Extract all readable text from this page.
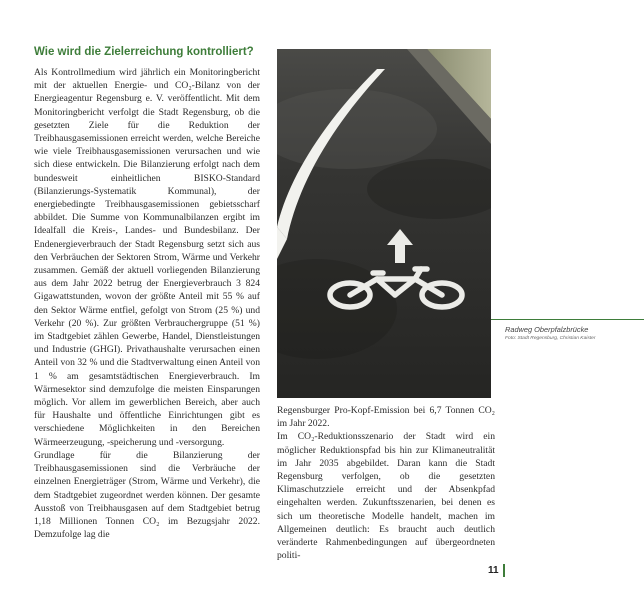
Wie wird die Zielerreichung kontrolliert?

Als Kontrollmedium wird jährlich ein Monitoringbericht mit der aktuellen Energie- und CO₂-Bilanz von der Energieagentur Regensburg e. V. veröffentlicht. Mit dem Monitoringbericht verfolgt die Stadt Regensburg, ob die gesetzten Ziele für die Reduktion der Treibhausgasemissionen erreicht werden, welche Bereiche wie viele Treibhausgasemissionen verursachen und wie sich diese entwickeln. Die Bilanzierung erfolgt nach dem bundesweit einheitlichen BISKO-Standard (Bilanzierungs-Systematik Kommunal), der energiebedingte Treibhausgasemissionen gebietsscharf abbildet. Die Summe von Kommunalbilanzen ergibt im Idealfall die Kreis-, Landes- und Bundesbilanz. Der Endenergieverbrauch der Stadt Regensburg setzt sich aus den Verbräuchen der Sektoren Strom, Wärme und Verkehr zusammen. Gemäß der aktuell vorliegenden Bilanzierung aus dem Jahr 2022 betrug der Energieverbrauch 3 824 Gigawattstunden, wovon der größte Anteil mit 55 % auf den Sektor Wärme entfiel, gefolgt von Strom (25 %) und Verkehr (20 %). Zur größten Verbrauchergruppe (51 %) im Stadtgebiet zählen Gewerbe, Handel, Dienstleistungen und Industrie (GHGI). Privathaushalte verursachen einen Anteil von 32 % und die Stadtverwaltung einen Anteil von 1 % am gesamtstädtischen Energieverbrauch. Im Wärmesektor sind demzufolge die meisten Einsparungen möglich. Vor allem im gewerblichen Bereich, aber auch für Haushalte und öffentliche Einrichtungen gibt es verschiedene Möglichkeiten in den Bereichen Wärmeerzeugung, -speicherung und -versorgung.

Grundlage für die Bilanzierung der Treibhausgasemissionen sind die Verbräuche der einzelnen Energieträger (Strom, Wärme und Verkehr), die dem Stadtgebiet zugeordnet werden können. Der gesamte Ausstoß von Treibhausgasen auf dem Stadtgebiet betrug 1,18 Millionen Tonnen CO₂ im Bezugsjahr 2022. Demzufolge lag die

Radweg Oberpfalzbrücke
Foto: Stadt Regensburg, Christian Kaister

Regensburger Pro-Kopf-Emission bei 6,7 Tonnen CO₂ im Jahr 2022.

Im CO₂-Reduktionsszenario der Stadt wird ein möglicher Reduktionspfad bis hin zur Klimaneutralität im Jahr 2035 abgebildet. Daran kann die Stadt Regensburg verfolgen, ob die gesetzten Klimaschutzziele erreicht und der Absenkpfad eingehalten werden. Zukunftsszenarien, bei denen es sich um theoretische Modelle handelt, machen im Allgemeinen deutlich: Es braucht auch deutlich veränderte Rahmenbedingungen auf übergeordneten politi-

11
